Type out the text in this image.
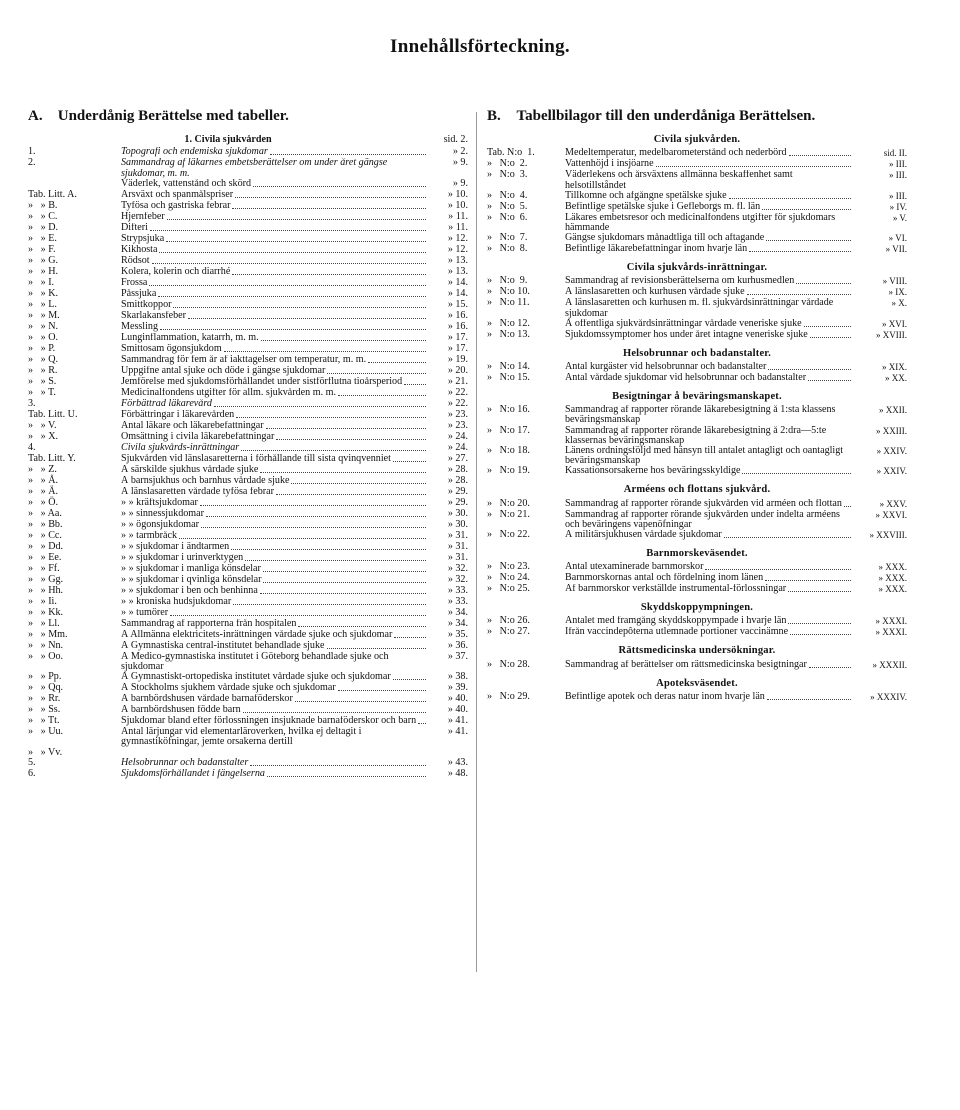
Innehållsförteckning.
A. Underdånig Berättelse med tabeller.
1. Civila sjukvården	sid. 2.
1.	Topografi och endemiska sjukdomar	» 2.
2.	Sammandrag af läkarnes embetsberättelser om under året gängse sjukdomar, m. m.
» 9.
Väderlek, vattenstånd och skörd	» 9.
Tab. Litt. A.	Årsväxt och spanmålspriser	» 10.
»   » B.	Tyfösa och gastriska febrar	» 10.
»   » C.	Hjernfeber	» 11.
»   » D.	Difteri	» 11.
»   » E.	Strypsjuka	» 12.
»   » F.	Kikhosta	» 12.
»   » G.	Rödsot	» 13.
»   » H.	Kolera, kolerin och diarrhé	» 13.
»   » I.	Frossa	» 14.
»   » K.	Påssjuka	» 14.
»   » L.	Smittkoppor	» 15.
»   » M.	Skarlakansfeber	» 16.
»   » N.	Messling	» 16.
»   » O.	Lunginflammation, katarrh, m. m.	» 17.
»   » P.	Smittosam ögonsjukdom	» 17.
»   » Q.	Sammandrag för fem år af iakttagelser om temperatur, m. m.	» 19.
»   » R.	Uppgifne antal sjuke och döde i gängse sjukdomar	» 20.
»   » S.	Jemförelse med sjukdomsförhållandet under sistförflutna tioårsperiod	» 21.
»   » T.	Medicinalfondens utgifter för allm. sjukvården m. m.	» 22.
3.	Förbättrad läkarevård	» 22.
Tab. Litt. U.	Förbättringar i läkarevården	» 23.
»   » V.	Antal läkare och läkarebefattningar	» 23.
»   » X.	Omsättning i civila läkarebefattningar	» 24.
4.	Civila sjukvårds-inrättningar	» 24.
Tab. Litt. Y.	Sjukvården vid länslasaretterna i förhållande till sista qvinqvenniet	» 27.
»   » Z.	Å särskilde sjukhus vårdade sjuke	» 28.
»   » Å.	Å barnsjukhus och barnhus vårdade sjuke	» 28.
»   » Ä.	Å länslasaretten vårdade tyfösa febrar	» 29.
»   » Ö.	» » kräftsjukdomar	» 29.
»   » Aa.	» » sinnessjukdomar	» 30.
»   » Bb.	» » ögonsjukdomar	» 30.
»   » Cc.	» » tarmbråck	» 31.
»   » Dd.	» » sjukdomar i ändtarmen	» 31.
»   » Ee.	» » sjukdomar i urinverktygen	» 31.
»   » Ff.	» » sjukdomar i manliga könsdelar	» 32.
»   » Gg.	» » sjukdomar i qvinliga könsdelar	» 32.
»   » Hh.	» » sjukdomar i ben och benhinna	» 33.
»   » Ii.	» » kroniska hudsjukdomar	» 33.
»   » Kk.	» » tumörer	» 34.
»   » Ll.	Sammandrag af rapporterna från hospitalen	» 34.
»   » Mm.	Å Allmänna elektricitets-inrättningen vårdade sjuke och sjukdomar	» 35.
»   » Nn.	Å Gymnastiska central-institutet behandlade sjuke	» 36.
»   » Oo.	Å Medico-gymnastiska institutet i Göteborg behandlade sjuke och sjukdomar
» 37.
»   » Pp.	Å Gymnastiskt-ortopediska institutet vårdade sjuke och sjukdomar	» 38.
»   » Qq.	Å Stockholms sjukhem vårdade sjuke och sjukdomar	» 39.
»   » Rr.	Å barnbördshusen vårdade barnaföderskor	» 40.
»   » Ss.	Å barnbördshusen födde barn	» 40.
»   » Tt.	Sjukdomar bland efter förlossningen insjuknade barnaföderskor och barn	» 41.
»   » Uu.	Antal lärjungar vid elementarläroverken, hvilka ej deltagit i gymnastiköfningar, jemte orsakerna dertill
» 41.
»   » Vv.
5.	Helsobrunnar och badanstalter	» 43.
6.	Sjukdomsförhållandet i fängelserna	» 48.
B. Tabellbilagor till den underdåniga Berättelsen.
Civila sjukvården.
Tab. N:o  1.	Medeltemperatur, medelbarometerstånd och nederbörd	sid. II.
»   N:o  2.	Vattenhöjd i insjöarne	» III.
»   N:o  3.	Väderlekens och årsväxtens allmänna beskaffenhet samt helsotillståndet
» III.
»   N:o  4.	Tillkomne och afgångne spetälske sjuke	» III.
»   N:o  5.	Befintlige spetälske sjuke i Gefleborgs m. fl. län	» IV.
»   N:o  6.	Läkares embetsresor och medicinalfondens utgifter för sjukdomars hämmande
» V.
»   N:o  7.	Gängse sjukdomars månadtliga till och aftagande	» VI.
»   N:o  8.	Befintlige läkarebefattningar inom hvarje län	» VII.
Civila sjukvårds-inrättningar.
»   N:o  9.	Sammandrag af revisionsberättelserna om kurhusmedlen	» VIII.
»   N:o 10.	Å länslasaretten och kurhusen vårdade sjuke	» IX.
»   N:o 11.	Å länslasaretten och kurhusen m. fl. sjukvårdsinrättningar vårdade sjukdomar
» X.
»   N:o 12.	Å offentliga sjukvårdsinrättningar vårdade veneriske sjuke	» XVI.
»   N:o 13.	Sjukdomssymptomer hos under året intagne veneriske sjuke	» XVIII.
Helsobrunnar och badanstalter.
»   N:o 14.	Antal kurgäster vid helsobrunnar och badanstalter	» XIX.
»   N:o 15.	Antal vårdade sjukdomar vid helsobrunnar och badanstalter	» XX.
Besigtningar å beväringsmanskapet.
»   N:o 16.	Sammandrag af rapporter rörande läkarebesigtning å 1:sta klassens beväringsmanskap
» XXII.
»   N:o 17.	Sammandrag af rapporter rörande läkarebesigtning å 2:dra—5:te klassernas beväringsmanskap
» XXIII.
»   N:o 18.	Länens ordningsföljd med hänsyn till antalet antagligt och oantagligt beväringsmanskap
» XXIV.
»   N:o 19.	Kassationsorsakerne hos beväringsskyldige	» XXIV.
Arméens och flottans sjukvård.
»   N:o 20.	Sammandrag af rapporter rörande sjukvården vid arméen och flottan	» XXV.
»   N:o 21.	Sammandrag af rapporter rörande sjukvården under indelta arméens och beväringens vapenöfningar
» XXVI.
»   N:o 22.	Å militärsjukhusen vårdade sjukdomar	» XXVIII.
Barnmorskeväsendet.
»   N:o 23.	Antal utexaminerade barnmorskor	» XXX.
»   N:o 24.	Barnmorskornas antal och fördelning inom länen	» XXX.
»   N:o 25.	Af barnmorskor verkställde instrumental-förlossningar	» XXX.
Skyddskoppympningen.
»   N:o 26.	Antalet med framgång skyddskoppympade i hvarje län	» XXXI.
»   N:o 27.	Ifrån vaccindepôterna utlemnade portioner vaccinämne	» XXXI.
Rättsmedicinska undersökningar.
»   N:o 28.	Sammandrag af berättelser om rättsmedicinska besigtningar	» XXXII.
Apoteksväsendet.
»   N:o 29.	Befintlige apotek och deras natur inom hvarje län	» XXXIV.
